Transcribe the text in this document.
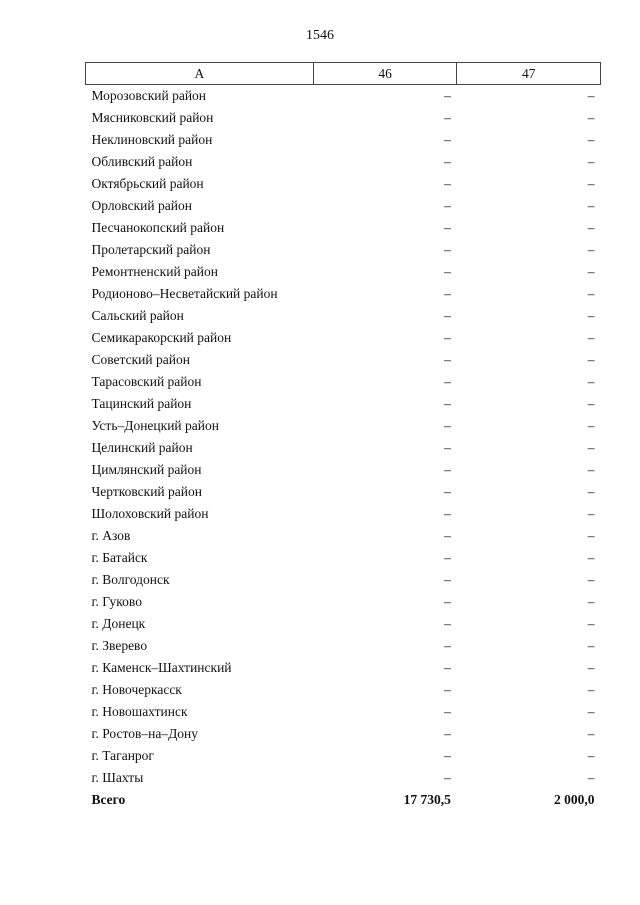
1546
А	46	47
Морозовский район	–	–
Мясниковский район	–	–
Неклиновский район	–	–
Обливский район	–	–
Октябрьский район	–	–
Орловский район	–	–
Песчанокопский район	–	–
Пролетарский район	–	–
Ремонтненский район	–	–
Родионово–Несветайский район	–	–
Сальский район	–	–
Семикаракорский район	–	–
Советский район	–	–
Тарасовский район	–	–
Тацинский район	–	–
Усть–Донецкий район	–	–
Целинский район	–	–
Цимлянский район	–	–
Чертковский район	–	–
Шолоховский район	–	–
г. Азов	–	–
г. Батайск	–	–
г. Волгодонск	–	–
г. Гуково	–	–
г. Донецк	–	–
г. Зверево	–	–
г. Каменск–Шахтинский	–	–
г. Новочеркасск	–	–
г. Новошахтинск	–	–
г. Ростов–на–Дону	–	–
г. Таганрог	–	–
г. Шахты	–	–
Всего	17 730,5	2 000,0
